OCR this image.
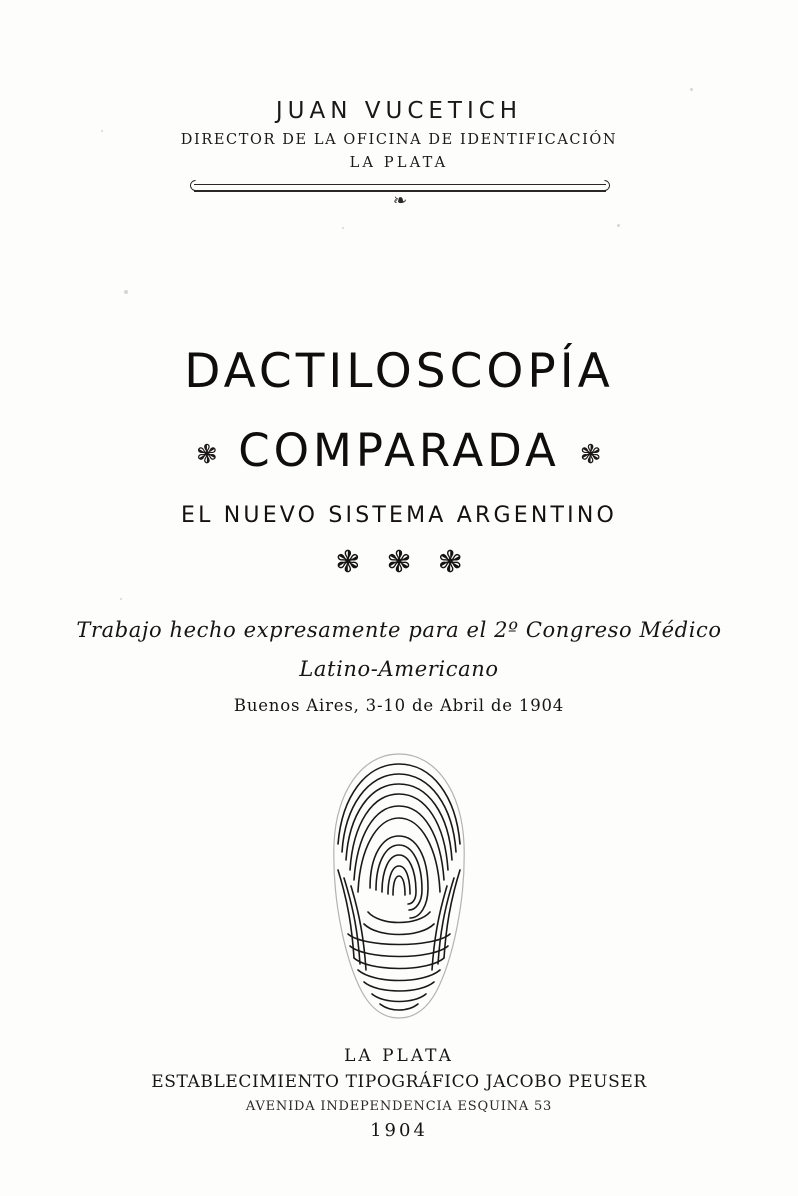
JUAN VUCETICH
DIRECTOR DE LA OFICINA DE IDENTIFICACIÓN
LA PLATA
❧
DACTILOSCOPÍA
❃ COMPARADA ❃
EL NUEVO SISTEMA ARGENTINO
❃ ❃ ❃
Trabajo hecho expresamente para el 2º Congreso Médico
Latino-Americano
Buenos Aires, 3-10 de Abril de 1904
LA PLATA
ESTABLECIMIENTO TIPOGRÁFICO JACOBO PEUSER
AVENIDA INDEPENDENCIA ESQUINA 53
1904
